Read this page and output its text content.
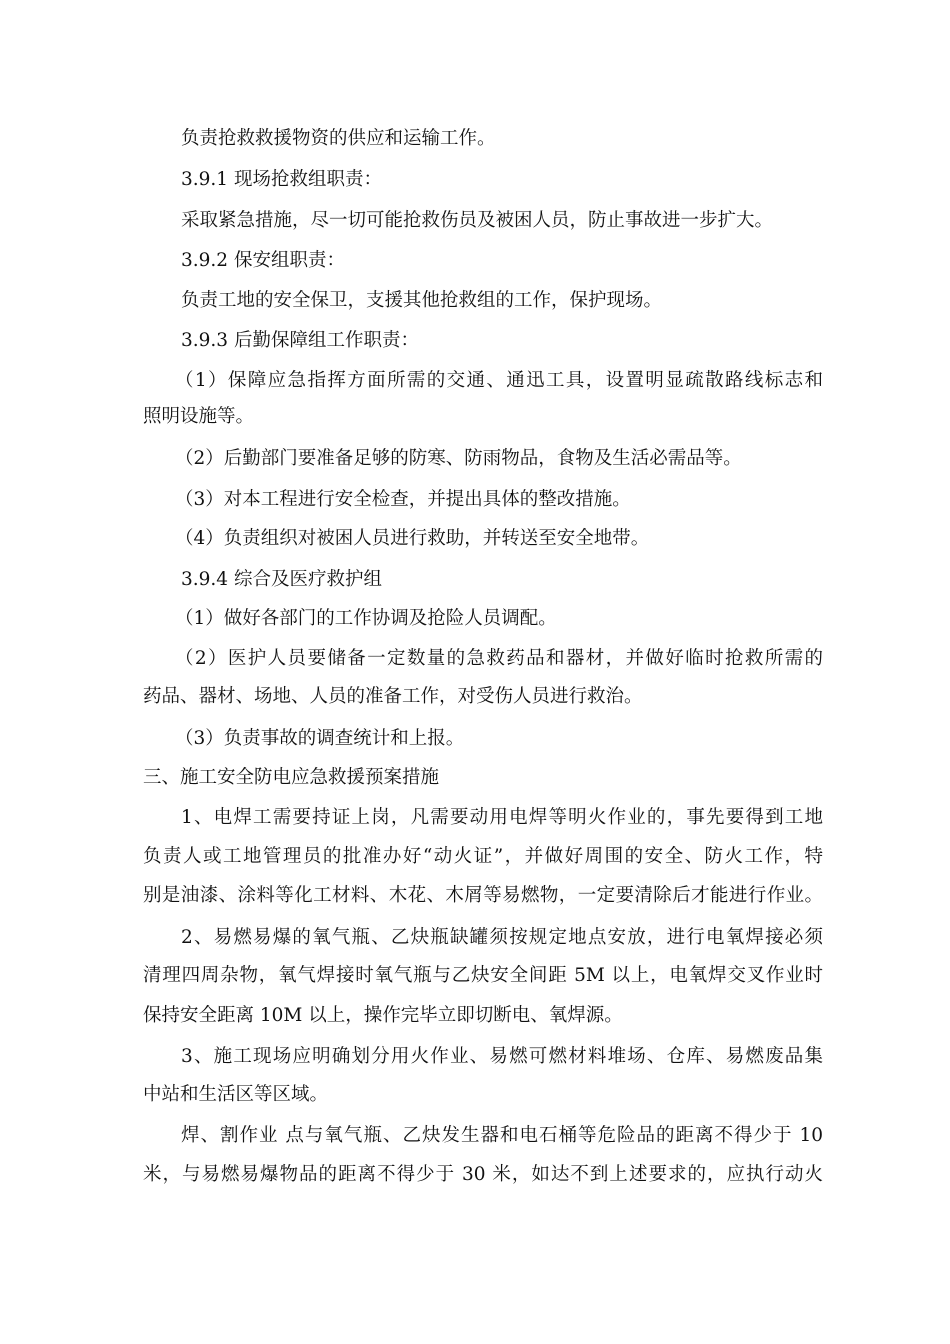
负责抢救救援物资的供应和运输工作。
3.9.1 现场抢救组职责：
采取紧急措施，尽一切可能抢救伤员及被困人员，防止事故进一步扩大。
3.9.2 保安组职责：
负责工地的安全保卫，支援其他抢救组的工作，保护现场。
3.9.3 后勤保障组工作职责：
（1）保障应急指挥方面所需的交通、通迅工具，设置明显疏散路线标志和
照明设施等。
（2）后勤部门要准备足够的防寒、防雨物品，食物及生活必需品等。
（3）对本工程进行安全检查，并提出具体的整改措施。
（4）负责组织对被困人员进行救助，并转送至安全地带。
3.9.4 综合及医疗救护组
（1）做好各部门的工作协调及抢险人员调配。
（2）医护人员要储备一定数量的急救药品和器材，并做好临时抢救所需的
药品、器材、场地、人员的准备工作，对受伤人员进行救治。
（3）负责事故的调查统计和上报。
三、施工安全防电应急救援预案措施
1、电焊工需要持证上岗，凡需要动用电焊等明火作业的，事先要得到工地
负责人或工地管理员的批准办好“动火证”，并做好周围的安全、防火工作，特
别是油漆、涂料等化工材料、木花、木屑等易燃物，一定要清除后才能进行作业。
2、易燃易爆的氧气瓶、乙炔瓶缺罐须按规定地点安放，进行电氧焊接必须
清理四周杂物，氧气焊接时氧气瓶与乙炔安全间距 5M 以上，电氧焊交叉作业时
保持安全距离 10M 以上，操作完毕立即切断电、氧焊源。
3、施工现场应明确划分用火作业、易燃可燃材料堆场、仓库、易燃废品集
中站和生活区等区域。
焊、割作业 点与氧气瓶、乙炔发生器和电石桶等危险品的距离不得少于 10
米，与易燃易爆物品的距离不得少于 30 米，如达不到上述要求的，应执行动火
